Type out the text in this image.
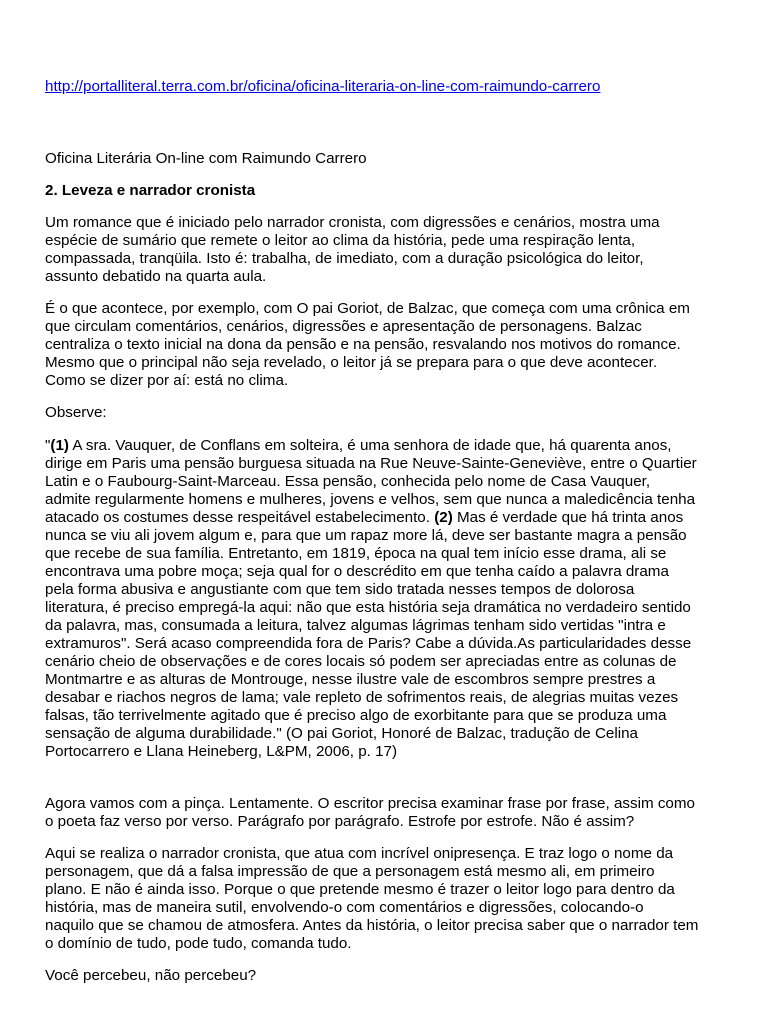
http://portalliteral.terra.com.br/oficina/oficina-literaria-on-line-com-raimundo-carrero
Oficina Literária On-line com Raimundo Carrero
2. Leveza e narrador cronista
Um romance que é iniciado pelo narrador cronista, com digressões e cenários, mostra uma
espécie de sumário que remete o leitor ao clima da história, pede uma respiração lenta,
compassada, tranqüila. Isto é: trabalha, de imediato, com a duração psicológica do leitor,
assunto debatido na quarta aula.
É o que acontece, por exemplo, com O pai Goriot, de Balzac, que começa com uma crônica em
que circulam comentários, cenários, digressões e apresentação de personagens. Balzac
centraliza o texto inicial na dona da pensão e na pensão, resvalando nos motivos do romance.
Mesmo que o principal não seja revelado, o leitor já se prepara para o que deve acontecer.
Como se dizer por aí: está no clima.
Observe:
"(1) A sra. Vauquer, de Conflans em solteira, é uma senhora de idade que, há quarenta anos,
dirige em Paris uma pensão burguesa situada na Rue Neuve-Sainte-Geneviève, entre o Quartier
Latin e o Faubourg-Saint-Marceau. Essa pensão, conhecida pelo nome de Casa Vauquer,
admite regularmente homens e mulheres, jovens e velhos, sem que nunca a maledicência tenha
atacado os costumes desse respeitável estabelecimento. (2) Mas é verdade que há trinta anos
nunca se viu ali jovem algum e, para que um rapaz more lá, deve ser bastante magra a pensão
que recebe de sua família. Entretanto, em 1819, época na qual tem início esse drama, ali se
encontrava uma pobre moça; seja qual for o descrédito em que tenha caído a palavra drama
pela forma abusiva e angustiante com que tem sido tratada nesses tempos de dolorosa
literatura, é preciso empregá-la aqui: não que esta história seja dramática no verdadeiro sentido
da palavra, mas, consumada a leitura, talvez algumas lágrimas tenham sido vertidas "intra e
extramuros". Será acaso compreendida fora de Paris? Cabe a dúvida.As particularidades desse
cenário cheio de observações e de cores locais só podem ser apreciadas entre as colunas de
Montmartre e as alturas de Montrouge, nesse ilustre vale de escombros sempre prestres a
desabar e riachos negros de lama; vale repleto de sofrimentos reais, de alegrias muitas vezes
falsas, tão terrivelmente agitado que é preciso algo de exorbitante para que se produza uma
sensação de alguma durabilidade." (O pai Goriot, Honoré de Balzac, tradução de Celina
Portocarrero e Llana Heineberg, L&PM, 2006, p. 17)
Agora vamos com a pinça. Lentamente. O escritor precisa examinar frase por frase, assim como
o poeta faz verso por verso. Parágrafo por parágrafo. Estrofe por estrofe. Não é assim?
Aqui se realiza o narrador cronista, que atua com incrível onipresença. E traz logo o nome da
personagem, que dá a falsa impressão de que a personagem está mesmo ali, em primeiro
plano. E não é ainda isso. Porque o que pretende mesmo é trazer o leitor logo para dentro da
história, mas de maneira sutil, envolvendo-o com comentários e digressões, colocando-o
naquilo que se chamou de atmosfera. Antes da história, o leitor precisa saber que o narrador tem
o domínio de tudo, pode tudo, comanda tudo.
Você percebeu, não percebeu?
